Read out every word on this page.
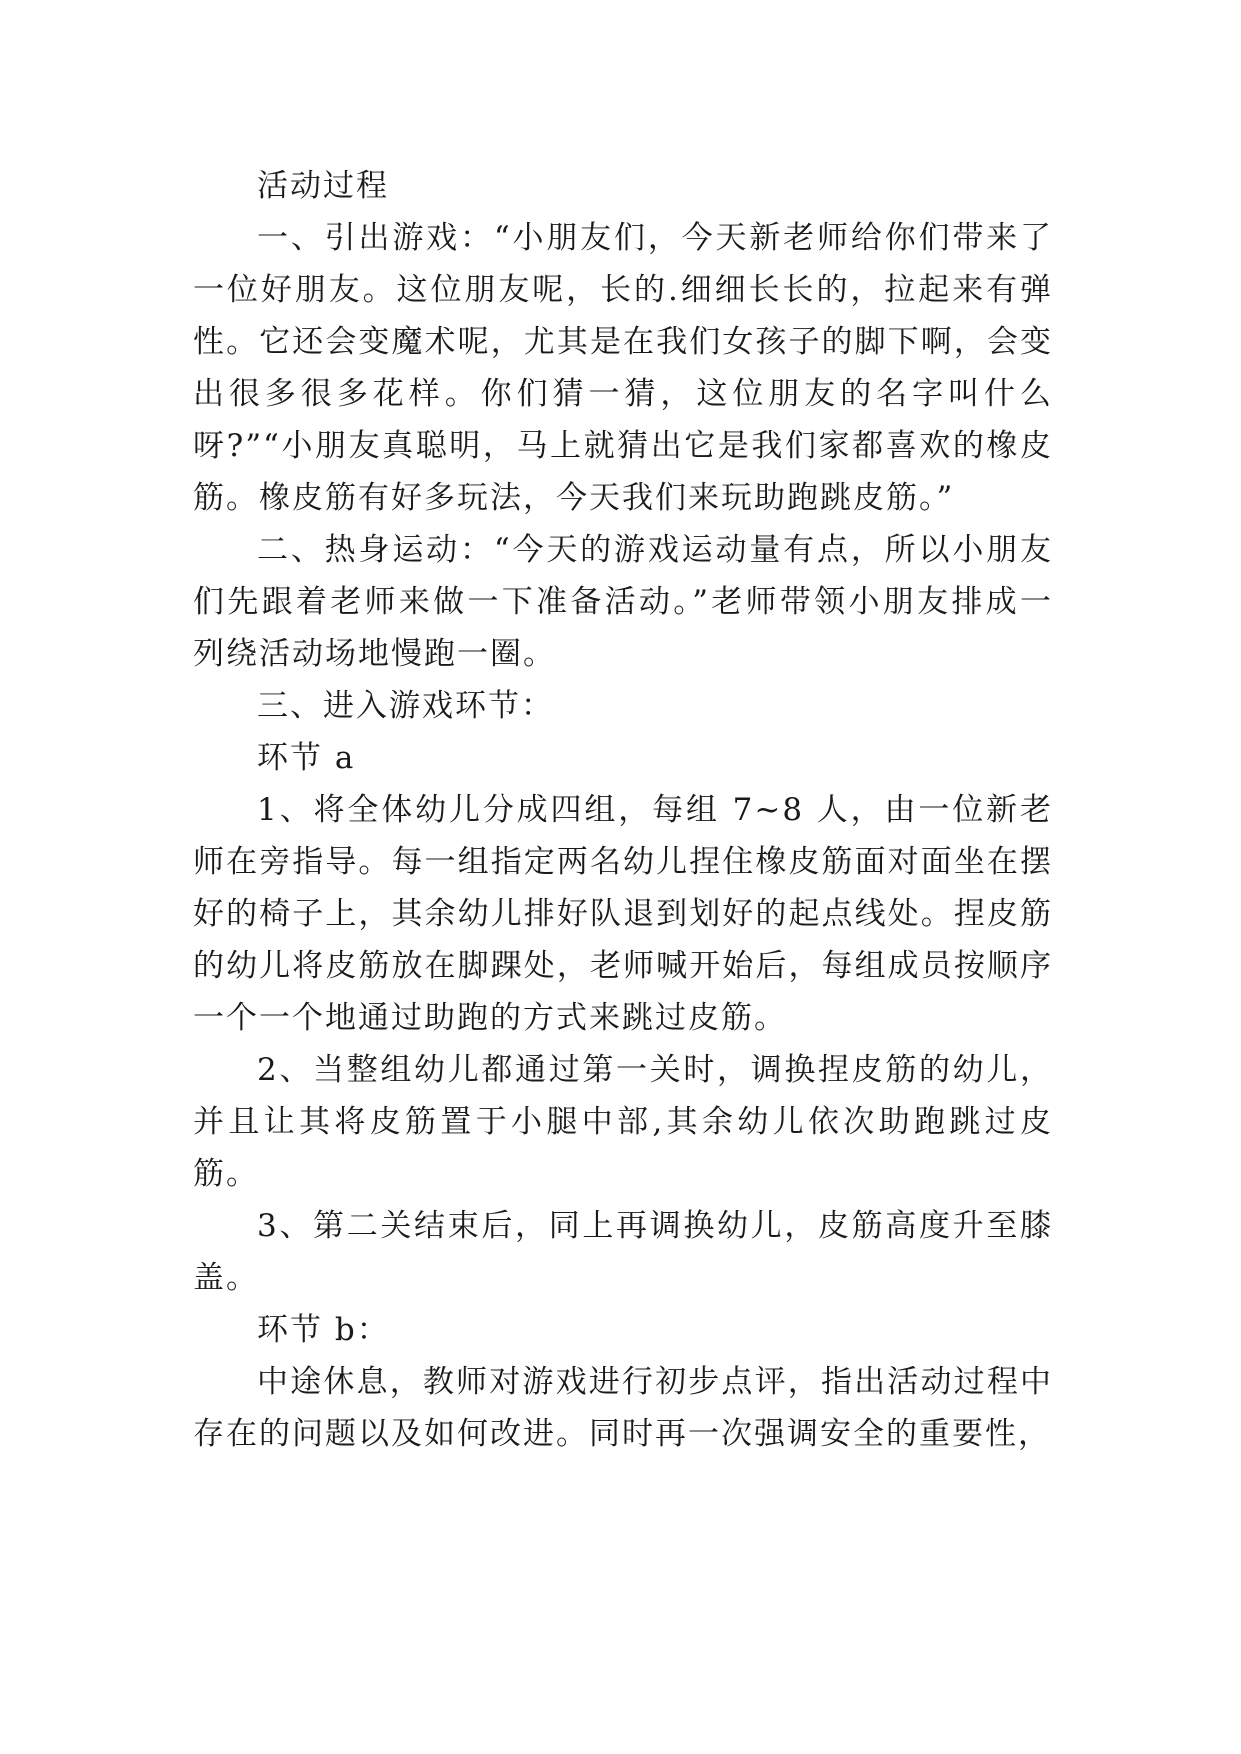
活动过程

一、引出游戏：“小朋友们，今天新老师给你们带来了一位好朋友。这位朋友呢，长的.细细长长的，拉起来有弹性。它还会变魔术呢，尤其是在我们女孩子的脚下啊，会变出很多很多花样。你们猜一猜，这位朋友的名字叫什么呀?”“小朋友真聪明，马上就猜出它是我们家都喜欢的橡皮筋。橡皮筋有好多玩法，今天我们来玩助跑跳皮筋。”

二、热身运动：“今天的游戏运动量有点，所以小朋友们先跟着老师来做一下准备活动。”老师带领小朋友排成一列绕活动场地慢跑一圈。

三、进入游戏环节：

环节 a

1、将全体幼儿分成四组，每组 7~8 人，由一位新老师在旁指导。每一组指定两名幼儿捏住橡皮筋面对面坐在摆好的椅子上，其余幼儿排好队退到划好的起点线处。捏皮筋的幼儿将皮筋放在脚踝处，老师喊开始后，每组成员按顺序一个一个地通过助跑的方式来跳过皮筋。

2、当整组幼儿都通过第一关时，调换捏皮筋的幼儿，并且让其将皮筋置于小腿中部,其余幼儿依次助跑跳过皮筋。

3、第二关结束后，同上再调换幼儿，皮筋高度升至膝盖。

环节 b：

中途休息，教师对游戏进行初步点评，指出活动过程中存在的问题以及如何改进。同时再一次强调安全的重要性，
